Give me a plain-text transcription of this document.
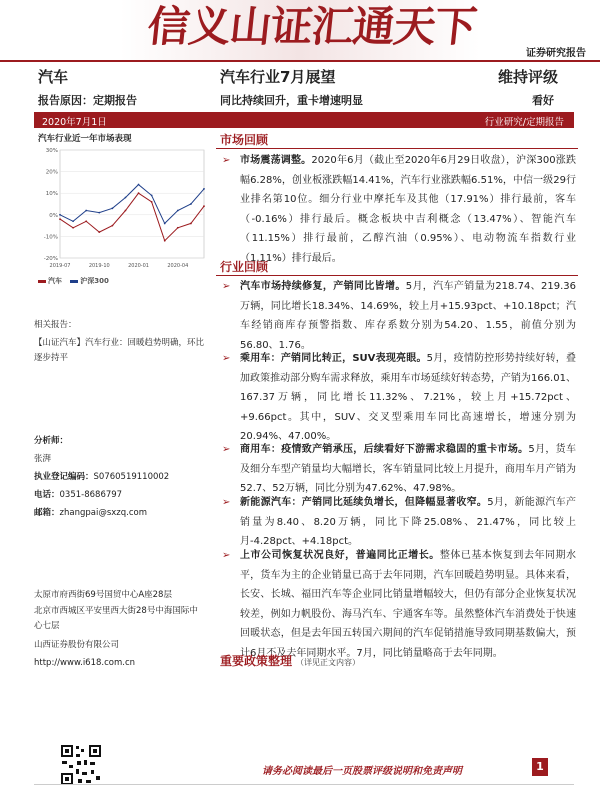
信义山证汇通天下
证券研究报告
汽车	汽车行业7月展望	维持评级
报告原因：定期报告	同比持续回升，重卡增速明显	看好
2020年7月1日	行业研究/定期报告
汽车行业近一年市场表现
-20%
-10%
0%
10%
20%
30%
2019-07	2019-10	2020-01	2020-04
汽车	沪深300
相关报告：
【山证汽车】汽车行业：回暖趋势明确，环比逐步持平
分析师：
张湃
执业登记编码：S0760519110002
电话：0351-8686797
邮箱：zhangpai@sxzq.com
太原市府西街69号国贸中心A座28层
北京市西城区平安里西大街28号中海国际中心七层
山西证券股份有限公司
http://www.i618.com.cn
市场回顾
➢ 市场震荡调整。2020年6月（截止至2020年6月29日收盘），沪深300涨跌幅6.28%，创业板涨跌幅14.41%，汽车行业涨跌幅6.51%，中信一级29行业排名第10位。细分行业中摩托车及其他（17.91%）排行最前，客车（-0.16%）排行最后。概念板块中吉利概念（13.47%）、智能汽车（11.15%）排行最前，乙醇汽油（0.95%）、电动物流车指数行业（1.11%）排行最后。
行业回顾
➢ 汽车市场持续修复，产销同比皆增。5月，汽车产销量为218.74、219.36万辆，同比增长18.34%、14.69%，较上月+15.93pct、+10.18pct；汽车经销商库存预警指数、库存系数分别为54.20、1.55，前值分别为56.80、1.76。
➢ 乘用车：产销同比转正，SUV表现亮眼。5月，疫情防控形势持续好转，叠加政策推动部分购车需求释放，乘用车市场延续好转态势，产销为166.01、167.37万辆，同比增长11.32%、7.21%，较上月+15.72pct、+9.66pct。其中，SUV、交叉型乘用车同比高速增长，增速分别为20.94%、47.00%。
➢ 商用车：疫情致产销承压，后续看好下游需求稳固的重卡市场。5月，货车及细分车型产销量均大幅增长，客车销量同比较上月提升，商用车月产销为52.7、52万辆，同比分别为47.62%、47.98%。
➢ 新能源汽车：产销同比延续负增长，但降幅显著收窄。5月，新能源汽车产销量为8.40、8.20万辆，同比下降25.08%、21.47%，同比较上月-4.28pct、+4.18pct。
➢ 上市公司恢复状况良好，普遍同比正增长。整体已基本恢复到去年同期水平，货车为主的企业销量已高于去年同期，汽车回暖趋势明显。具体来看，长安、长城、福田汽车等企业同比销量增幅较大，但仍有部分企业恢复状况较差，例如力帆股份、海马汽车、宇通客车等。虽然整体汽车消费处于快速回暖状态，但是去年国五转国六期间的汽车促销措施导致同期基数偏大，预计6月不及去年同期水平。7月，同比销量略高于去年同期。
重要政策整理 （详见正文内容）
请务必阅读最后一页股票评级说明和免责声明	1
